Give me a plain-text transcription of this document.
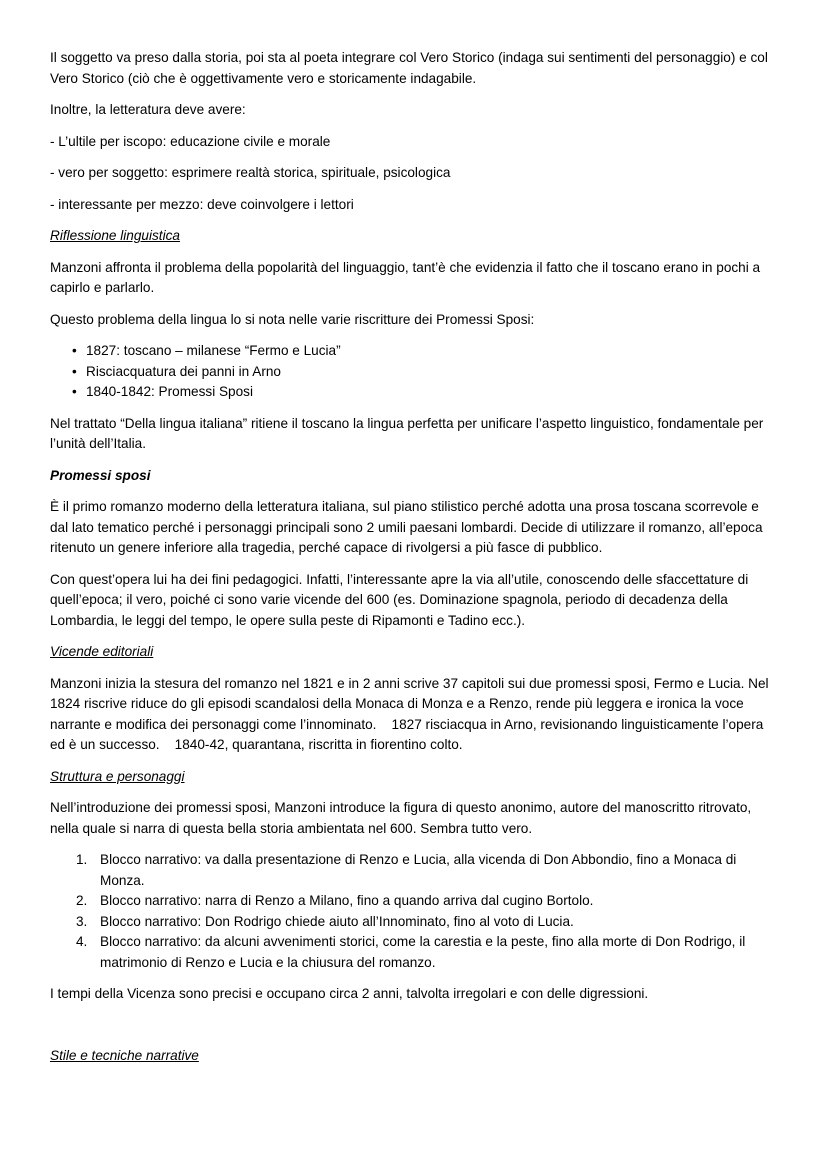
Il soggetto va preso dalla storia, poi sta al poeta integrare col Vero Storico (indaga sui sentimenti del personaggio) e col Vero Storico (ciò che è oggettivamente vero e storicamente indagabile.

Inoltre, la letteratura deve avere:

- L’ultile per iscopo: educazione civile e morale

- vero per soggetto: esprimere realtà storica, spirituale, psicologica

- interessante per mezzo: deve coinvolgere i lettori

Riflessione linguistica

Manzoni affronta il problema della popolarità del linguaggio, tant’è che evidenzia il fatto che il toscano erano in pochi a capirlo e parlarlo.

Questo problema della lingua lo si nota nelle varie riscritture dei Promessi Sposi:

• 1827: toscano – milanese “Fermo e Lucia”
• Risciacquatura dei panni in Arno
• 1840-1842: Promessi Sposi

Nel trattato “Della lingua italiana” ritiene il toscano la lingua perfetta per unificare l’aspetto linguistico, fondamentale per l’unità dell’Italia.

Promessi sposi

È il primo romanzo moderno della letteratura italiana, sul piano stilistico perché adotta una prosa toscana scorrevole e dal lato tematico perché i personaggi principali sono 2 umili paesani lombardi. Decide di utilizzare il romanzo, all’epoca ritenuto un genere inferiore alla tragedia, perché capace di rivolgersi a più fasce di pubblico.

Con quest’opera lui ha dei fini pedagogici. Infatti, l’interessante apre la via all’utile, conoscendo delle sfaccettature di quell’epoca; il vero, poiché ci sono varie vicende del 600 (es. Dominazione spagnola, periodo di decadenza della Lombardia, le leggi del tempo, le opere sulla peste di Ripamonti e Tadino ecc.).

Vicende editoriali

Manzoni inizia la stesura del romanzo nel 1821 e in 2 anni scrive 37 capitoli sui due promessi sposi, Fermo e Lucia. Nel 1824 riscrive riduce do gli episodi scandalosi della Monaca di Monza e a Renzo, rende più leggera e ironica la voce narrante e modifica dei personaggi come l’innominato.    1827 risciacqua in Arno, revisionando linguisticamente l’opera ed è un successo.    1840-42, quarantana, riscritta in fiorentino colto.

Struttura e personaggi

Nell’introduzione dei promessi sposi, Manzoni introduce la figura di questo anonimo, autore del manoscritto ritrovato, nella quale si narra di questa bella storia ambientata nel 600. Sembra tutto vero.

1. Blocco narrativo: va dalla presentazione di Renzo e Lucia, alla vicenda di Don Abbondio, fino a Monaca di Monza.
2. Blocco narrativo: narra di Renzo a Milano, fino a quando arriva dal cugino Bortolo.
3. Blocco narrativo: Don Rodrigo chiede aiuto all’Innominato, fino al voto di Lucia.
4. Blocco narrativo: da alcuni avvenimenti storici, come la carestia e la peste, fino alla morte di Don Rodrigo, il matrimonio di Renzo e Lucia e la chiusura del romanzo.

I tempi della Vicenza sono precisi e occupano circa 2 anni, talvolta irregolari e con delle digressioni.

Stile e tecniche narrative
